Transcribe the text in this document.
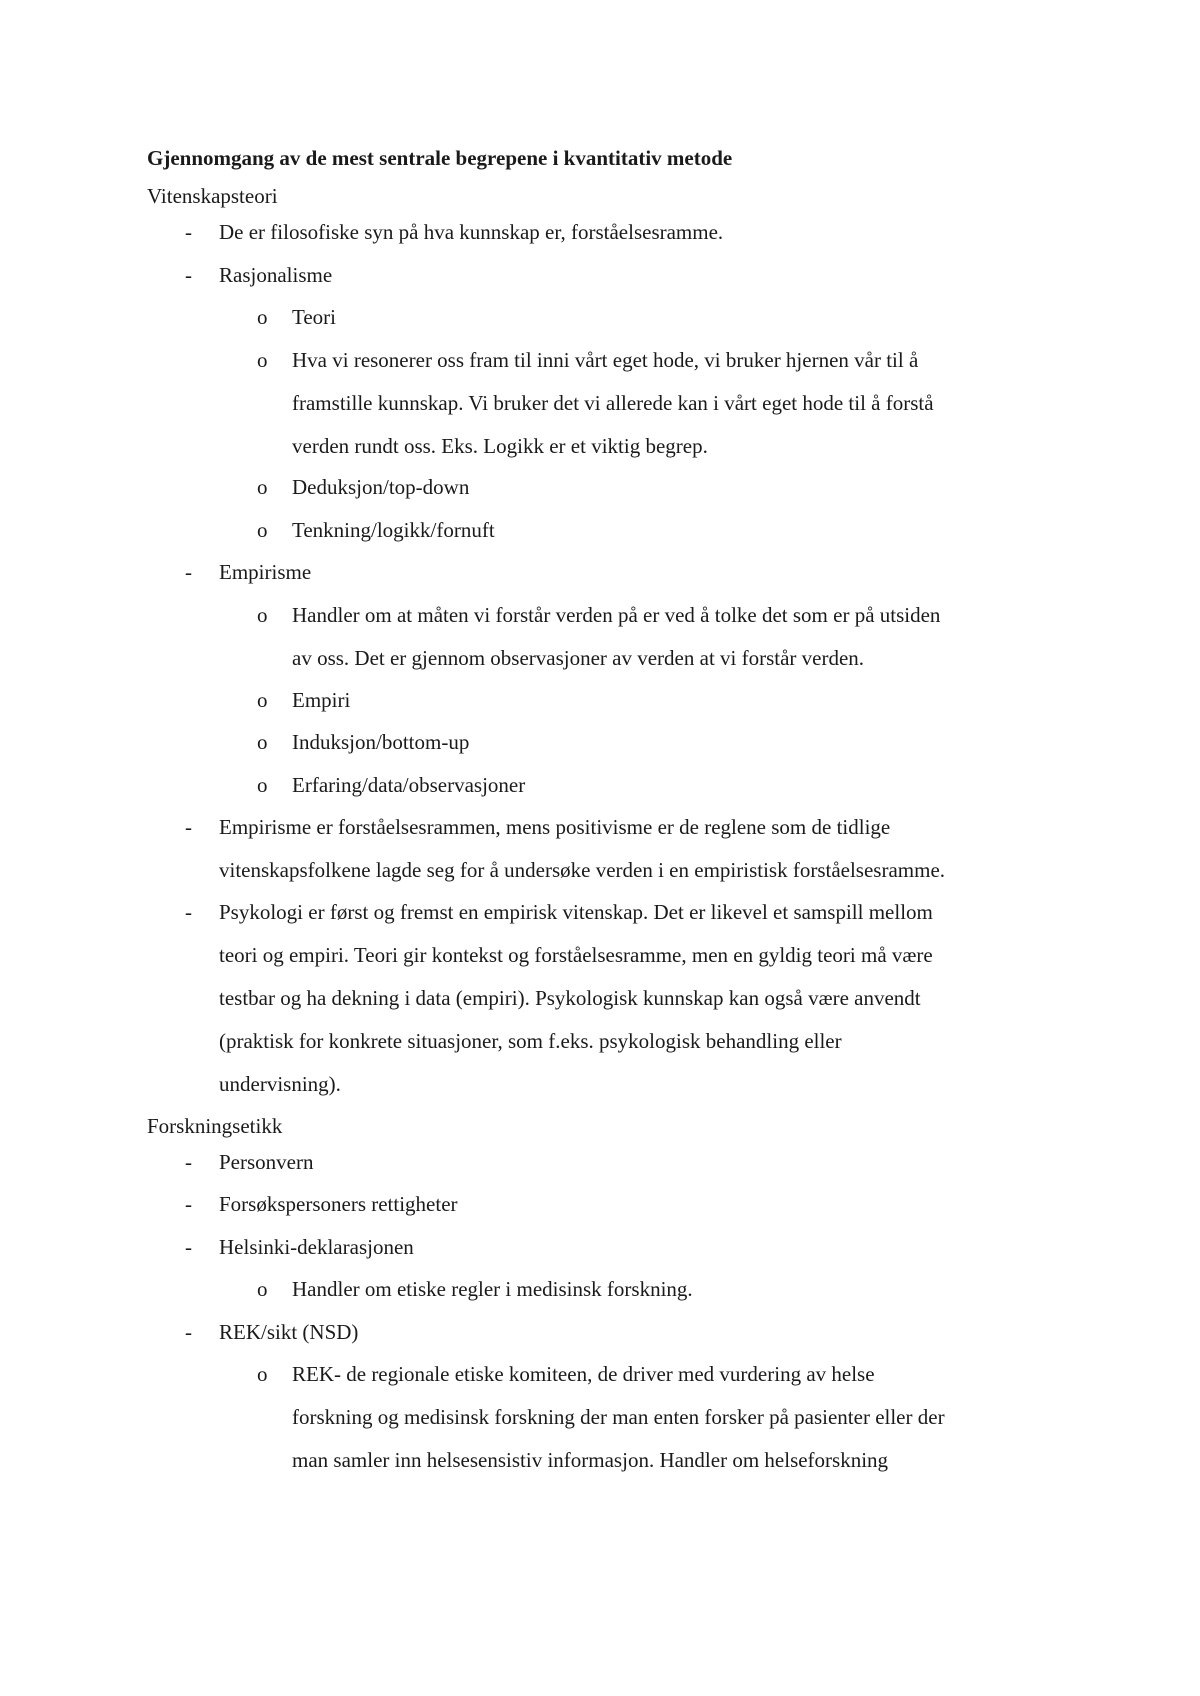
Gjennomgang av de mest sentrale begrepene i kvantitativ metode
Vitenskapsteori
- De er filosofiske syn på hva kunnskap er, forståelsesramme.
- Rasjonalisme
o Teori
o Hva vi resonerer oss fram til inni vårt eget hode, vi bruker hjernen vår til å
framstille kunnskap. Vi bruker det vi allerede kan i vårt eget hode til å forstå
verden rundt oss. Eks. Logikk er et viktig begrep.
o Deduksjon/top-down
o Tenkning/logikk/fornuft
- Empirisme
o Handler om at måten vi forstår verden på er ved å tolke det som er på utsiden
av oss. Det er gjennom observasjoner av verden at vi forstår verden.
o Empiri
o Induksjon/bottom-up
o Erfaring/data/observasjoner
- Empirisme er forståelsesrammen, mens positivisme er de reglene som de tidlige
vitenskapsfolkene lagde seg for å undersøke verden i en empiristisk forståelsesramme.
- Psykologi er først og fremst en empirisk vitenskap. Det er likevel et samspill mellom
teori og empiri. Teori gir kontekst og forståelsesramme, men en gyldig teori må være
testbar og ha dekning i data (empiri). Psykologisk kunnskap kan også være anvendt
(praktisk for konkrete situasjoner, som f.eks. psykologisk behandling eller
undervisning).
Forskningsetikk
- Personvern
- Forsøkspersoners rettigheter
- Helsinki-deklarasjonen
o Handler om etiske regler i medisinsk forskning.
- REK/sikt (NSD)
o REK- de regionale etiske komiteen, de driver med vurdering av helse
forskning og medisinsk forskning der man enten forsker på pasienter eller der
man samler inn helsesensistiv informasjon. Handler om helseforskning
